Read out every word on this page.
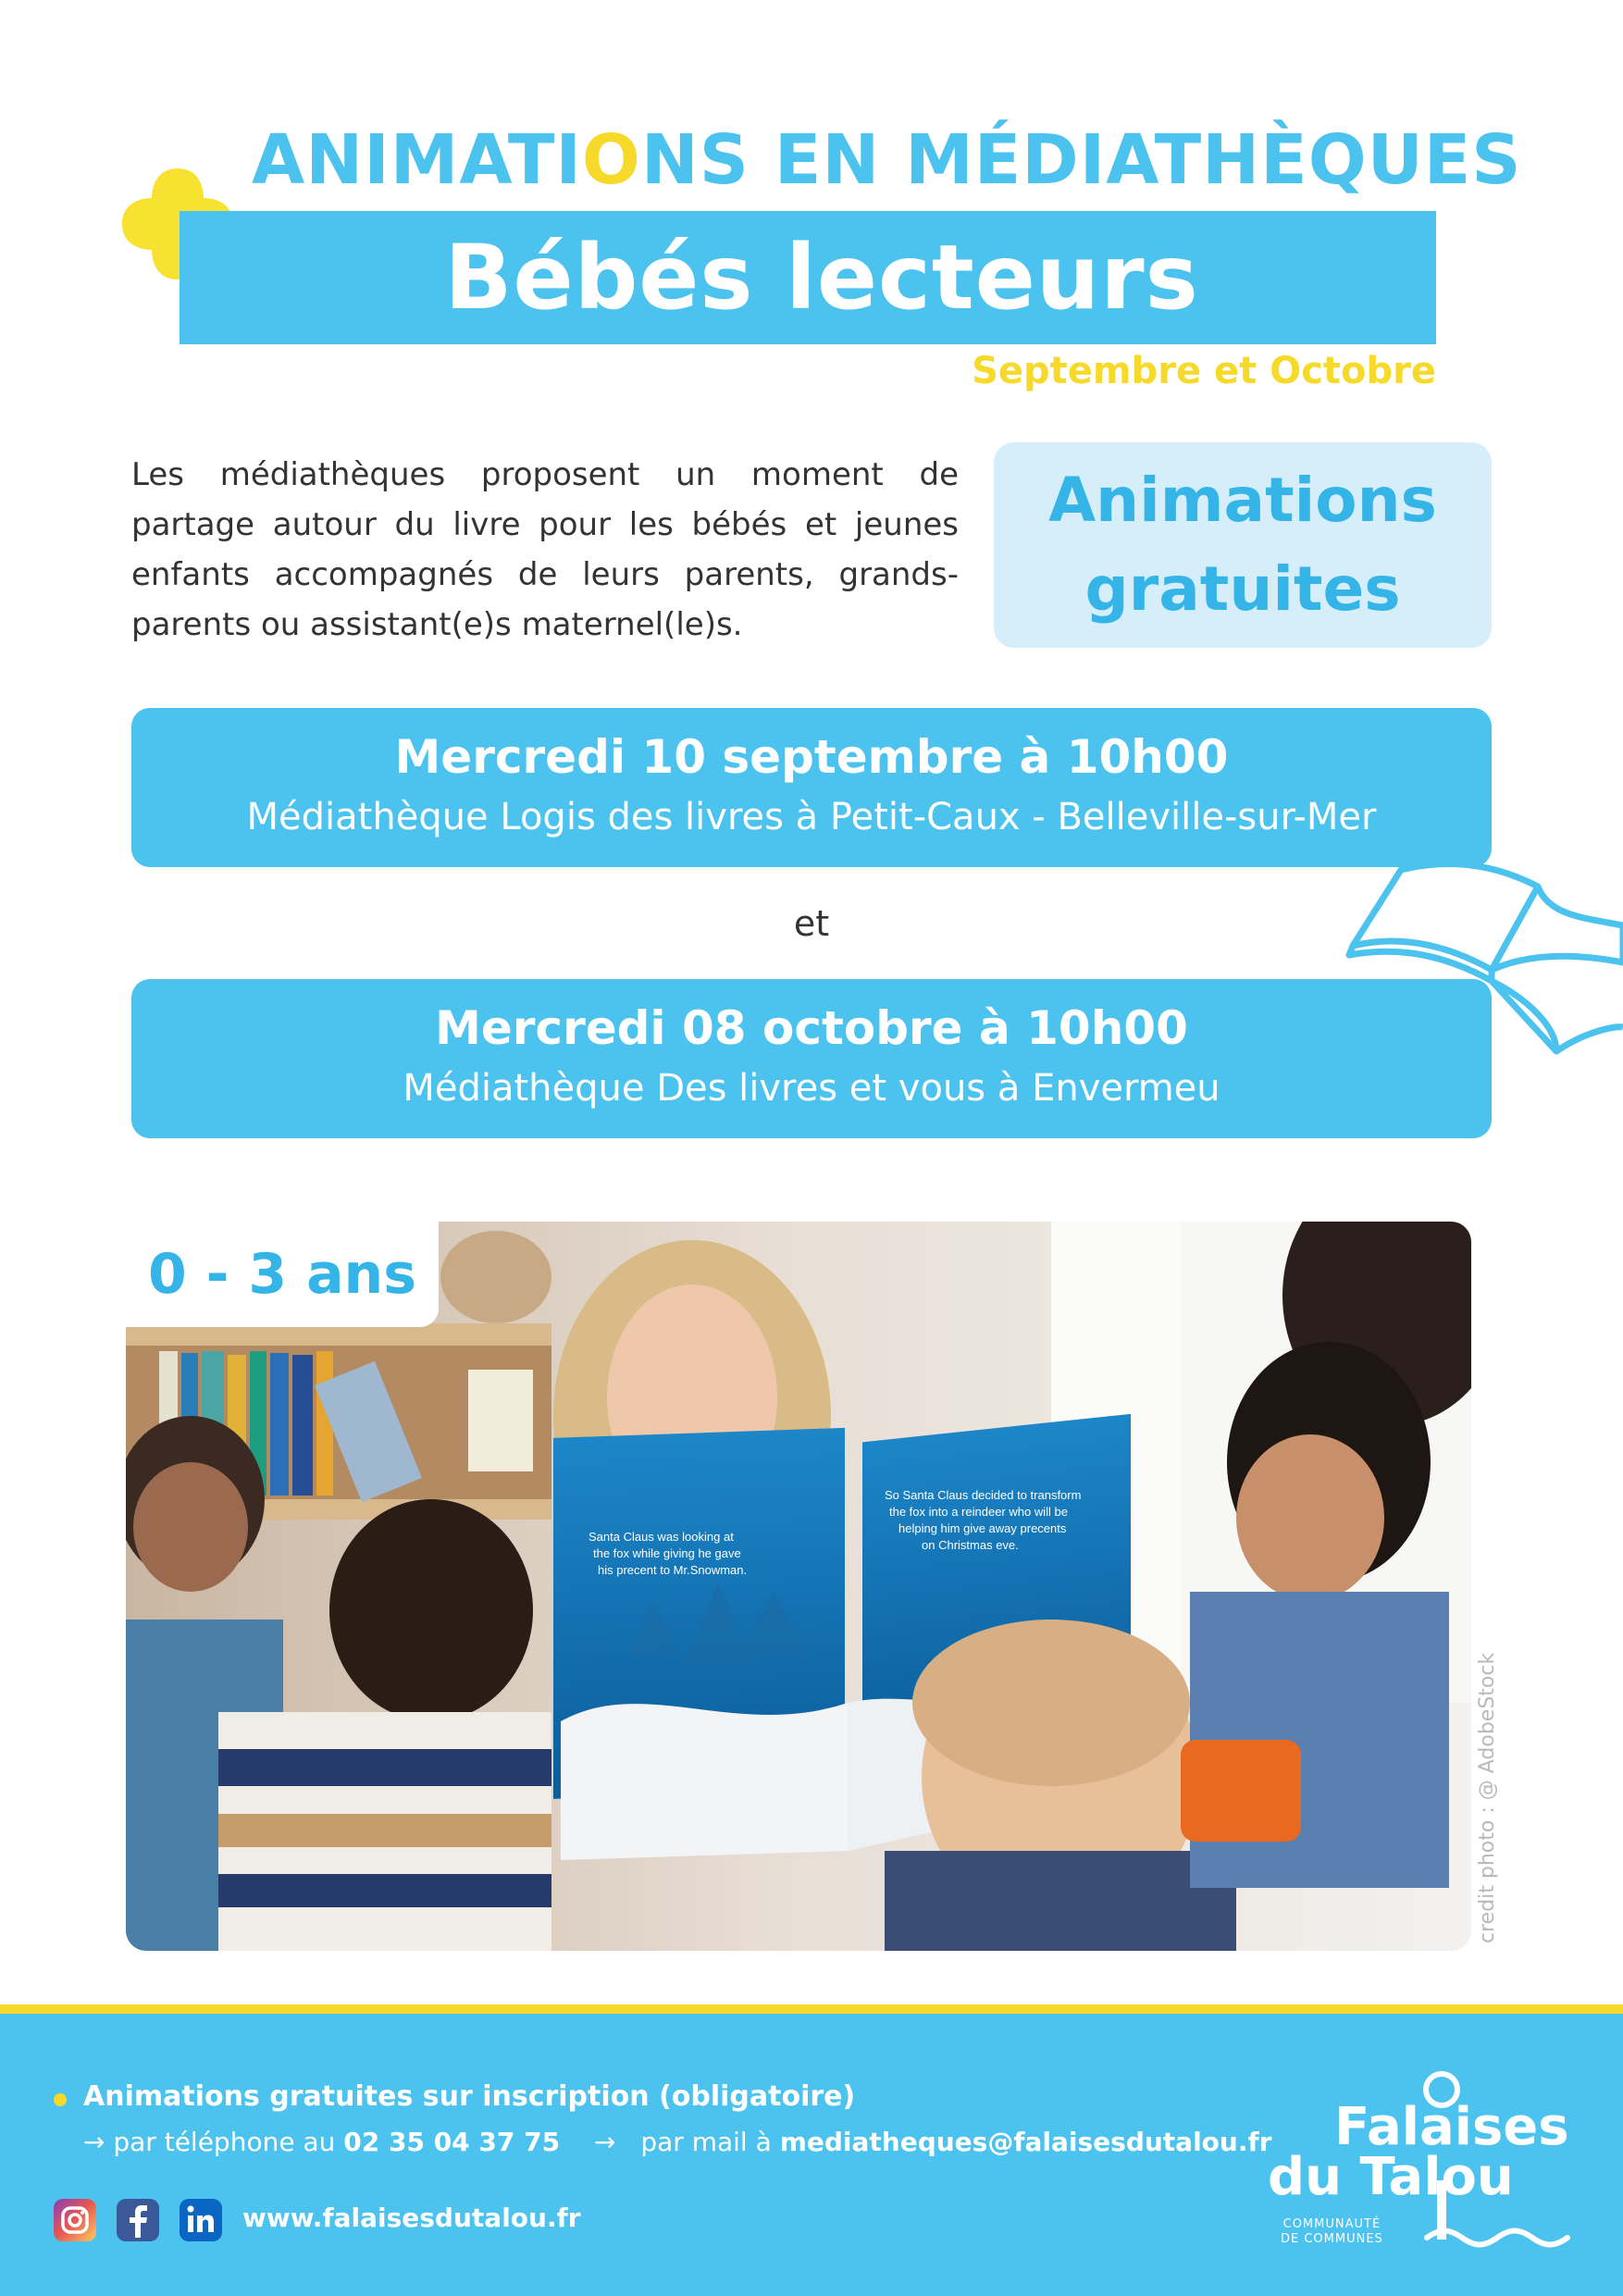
ANIMATIONS EN MÉDIATHÈQUES
Bébés lecteurs
Septembre et Octobre

Les médiathèques proposent un moment de partage autour du livre pour les bébés et jeunes enfants accompagnés de leurs parents, grands-parents ou assistant(e)s maternel(le)s.

Animations
gratuites
Mercredi 10 septembre à 10h00
Médiathèque Logis des livres à Petit-Caux - Belleville-sur-Mer
et
Mercredi 08 octobre à 10h00
Médiathèque Des livres et vous à Envermeu
Santa Claus was looking at
the fox while giving he gave
his precent to Mr.Snowman.
So Santa Claus decided to transform
the fox into a reindeer who will be
helping him give away precents
on Christmas eve.
0 - 3 ans
credit photo : @ AdobeStock
Animations gratuites sur inscription (obligatoire)
→ par téléphone au 02 35 04 37 75 → par mail à mediatheques@falaisesdutalou.fr
www.falaisesdutalou.fr
Falaises
du Talou
COMMUNAUTÉ
DE COMMUNES
